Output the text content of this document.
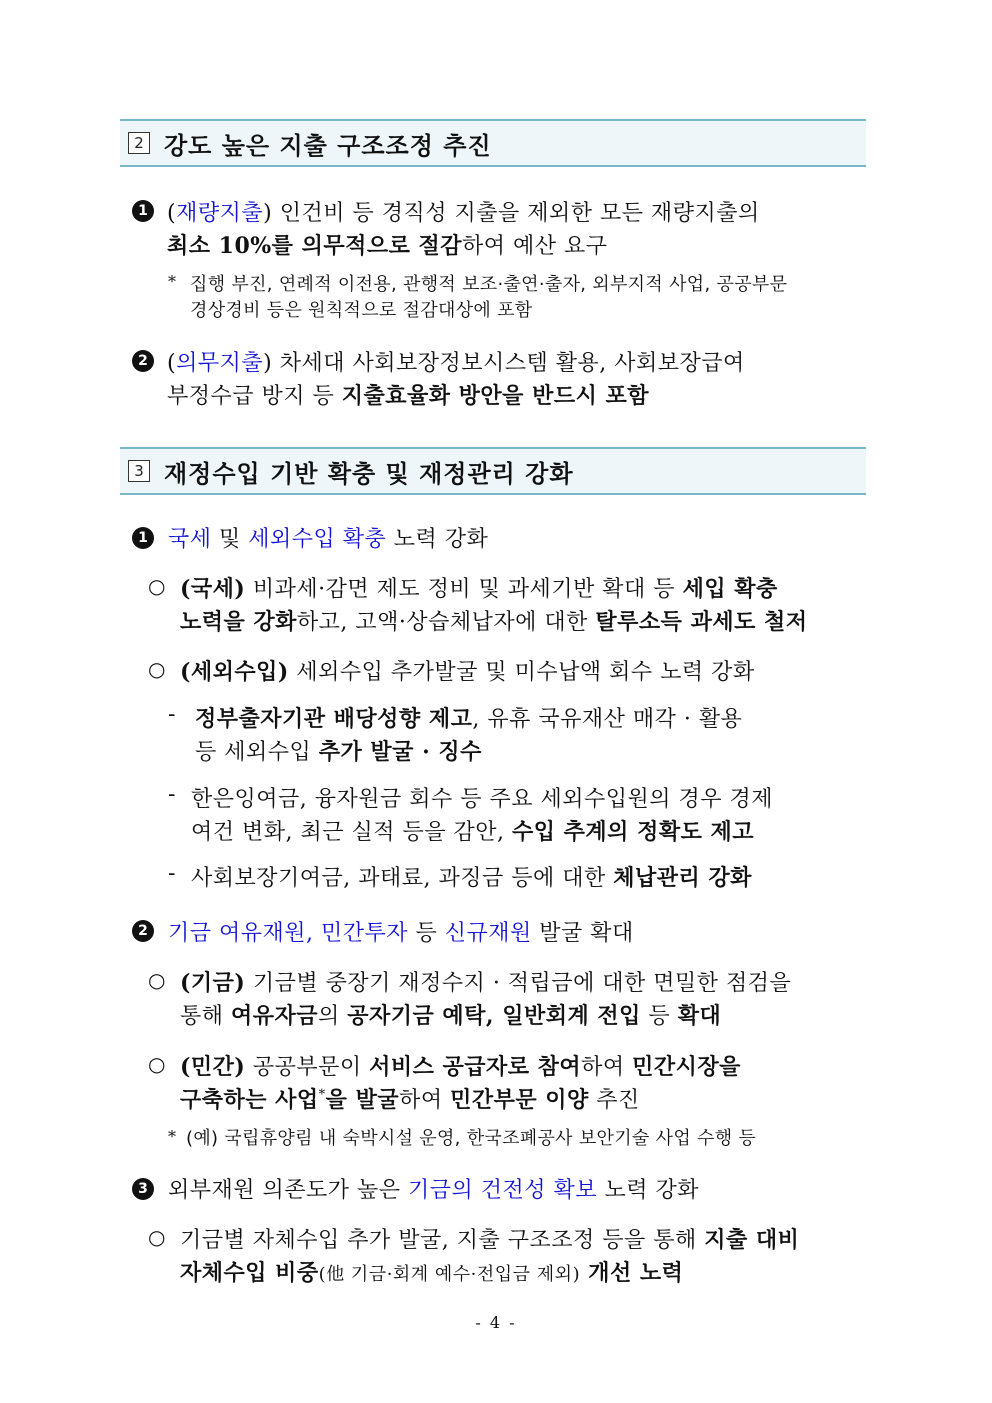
2 강도 높은 지출 구조조정 추진
1 (재량지출) 인건비 등 경직성 지출을 제외한 모든 재량지출의
최소 10%를 의무적으로 절감하여 예산 요구
* 집행 부진, 연례적 이전용, 관행적 보조·출연·출자, 외부지적 사업, 공공부문
경상경비 등은 원칙적으로 절감대상에 포함
2 (의무지출) 차세대 사회보장정보시스템 활용, 사회보장급여
부정수급 방지 등 지출효율화 방안을 반드시 포함
3 재정수입 기반 확충 및 재정관리 강화
1 국세 및 세외수입 확충 노력 강화
○ (국세) 비과세·감면 제도 정비 및 과세기반 확대 등 세입 확충
노력을 강화하고, 고액·상습체납자에 대한 탈루소득 과세도 철저
○ (세외수입) 세외수입 추가발굴 및 미수납액 회수 노력 강화
- 정부출자기관 배당성향 제고, 유휴 국유재산 매각 · 활용
등 세외수입 추가 발굴 · 징수
- 한은잉여금, 융자원금 회수 등 주요 세외수입원의 경우 경제
여건 변화, 최근 실적 등을 감안, 수입 추계의 정확도 제고
- 사회보장기여금, 과태료, 과징금 등에 대한 체납관리 강화
2 기금 여유재원, 민간투자 등 신규재원 발굴 확대
○ (기금) 기금별 중장기 재정수지 · 적립금에 대한 면밀한 점검을
통해 여유자금의 공자기금 예탁, 일반회계 전입 등 확대
○ (민간) 공공부문이 서비스 공급자로 참여하여 민간시장을
구축하는 사업*을 발굴하여 민간부문 이양 추진
* (예) 국립휴양림 내 숙박시설 운영, 한국조폐공사 보안기술 사업 수행 등
3 외부재원 의존도가 높은 기금의 건전성 확보 노력 강화
○ 기금별 자체수입 추가 발굴, 지출 구조조정 등을 통해 지출 대비
자체수입 비중(他 기금·회계 예수·전입금 제외) 개선 노력
- 4 -
